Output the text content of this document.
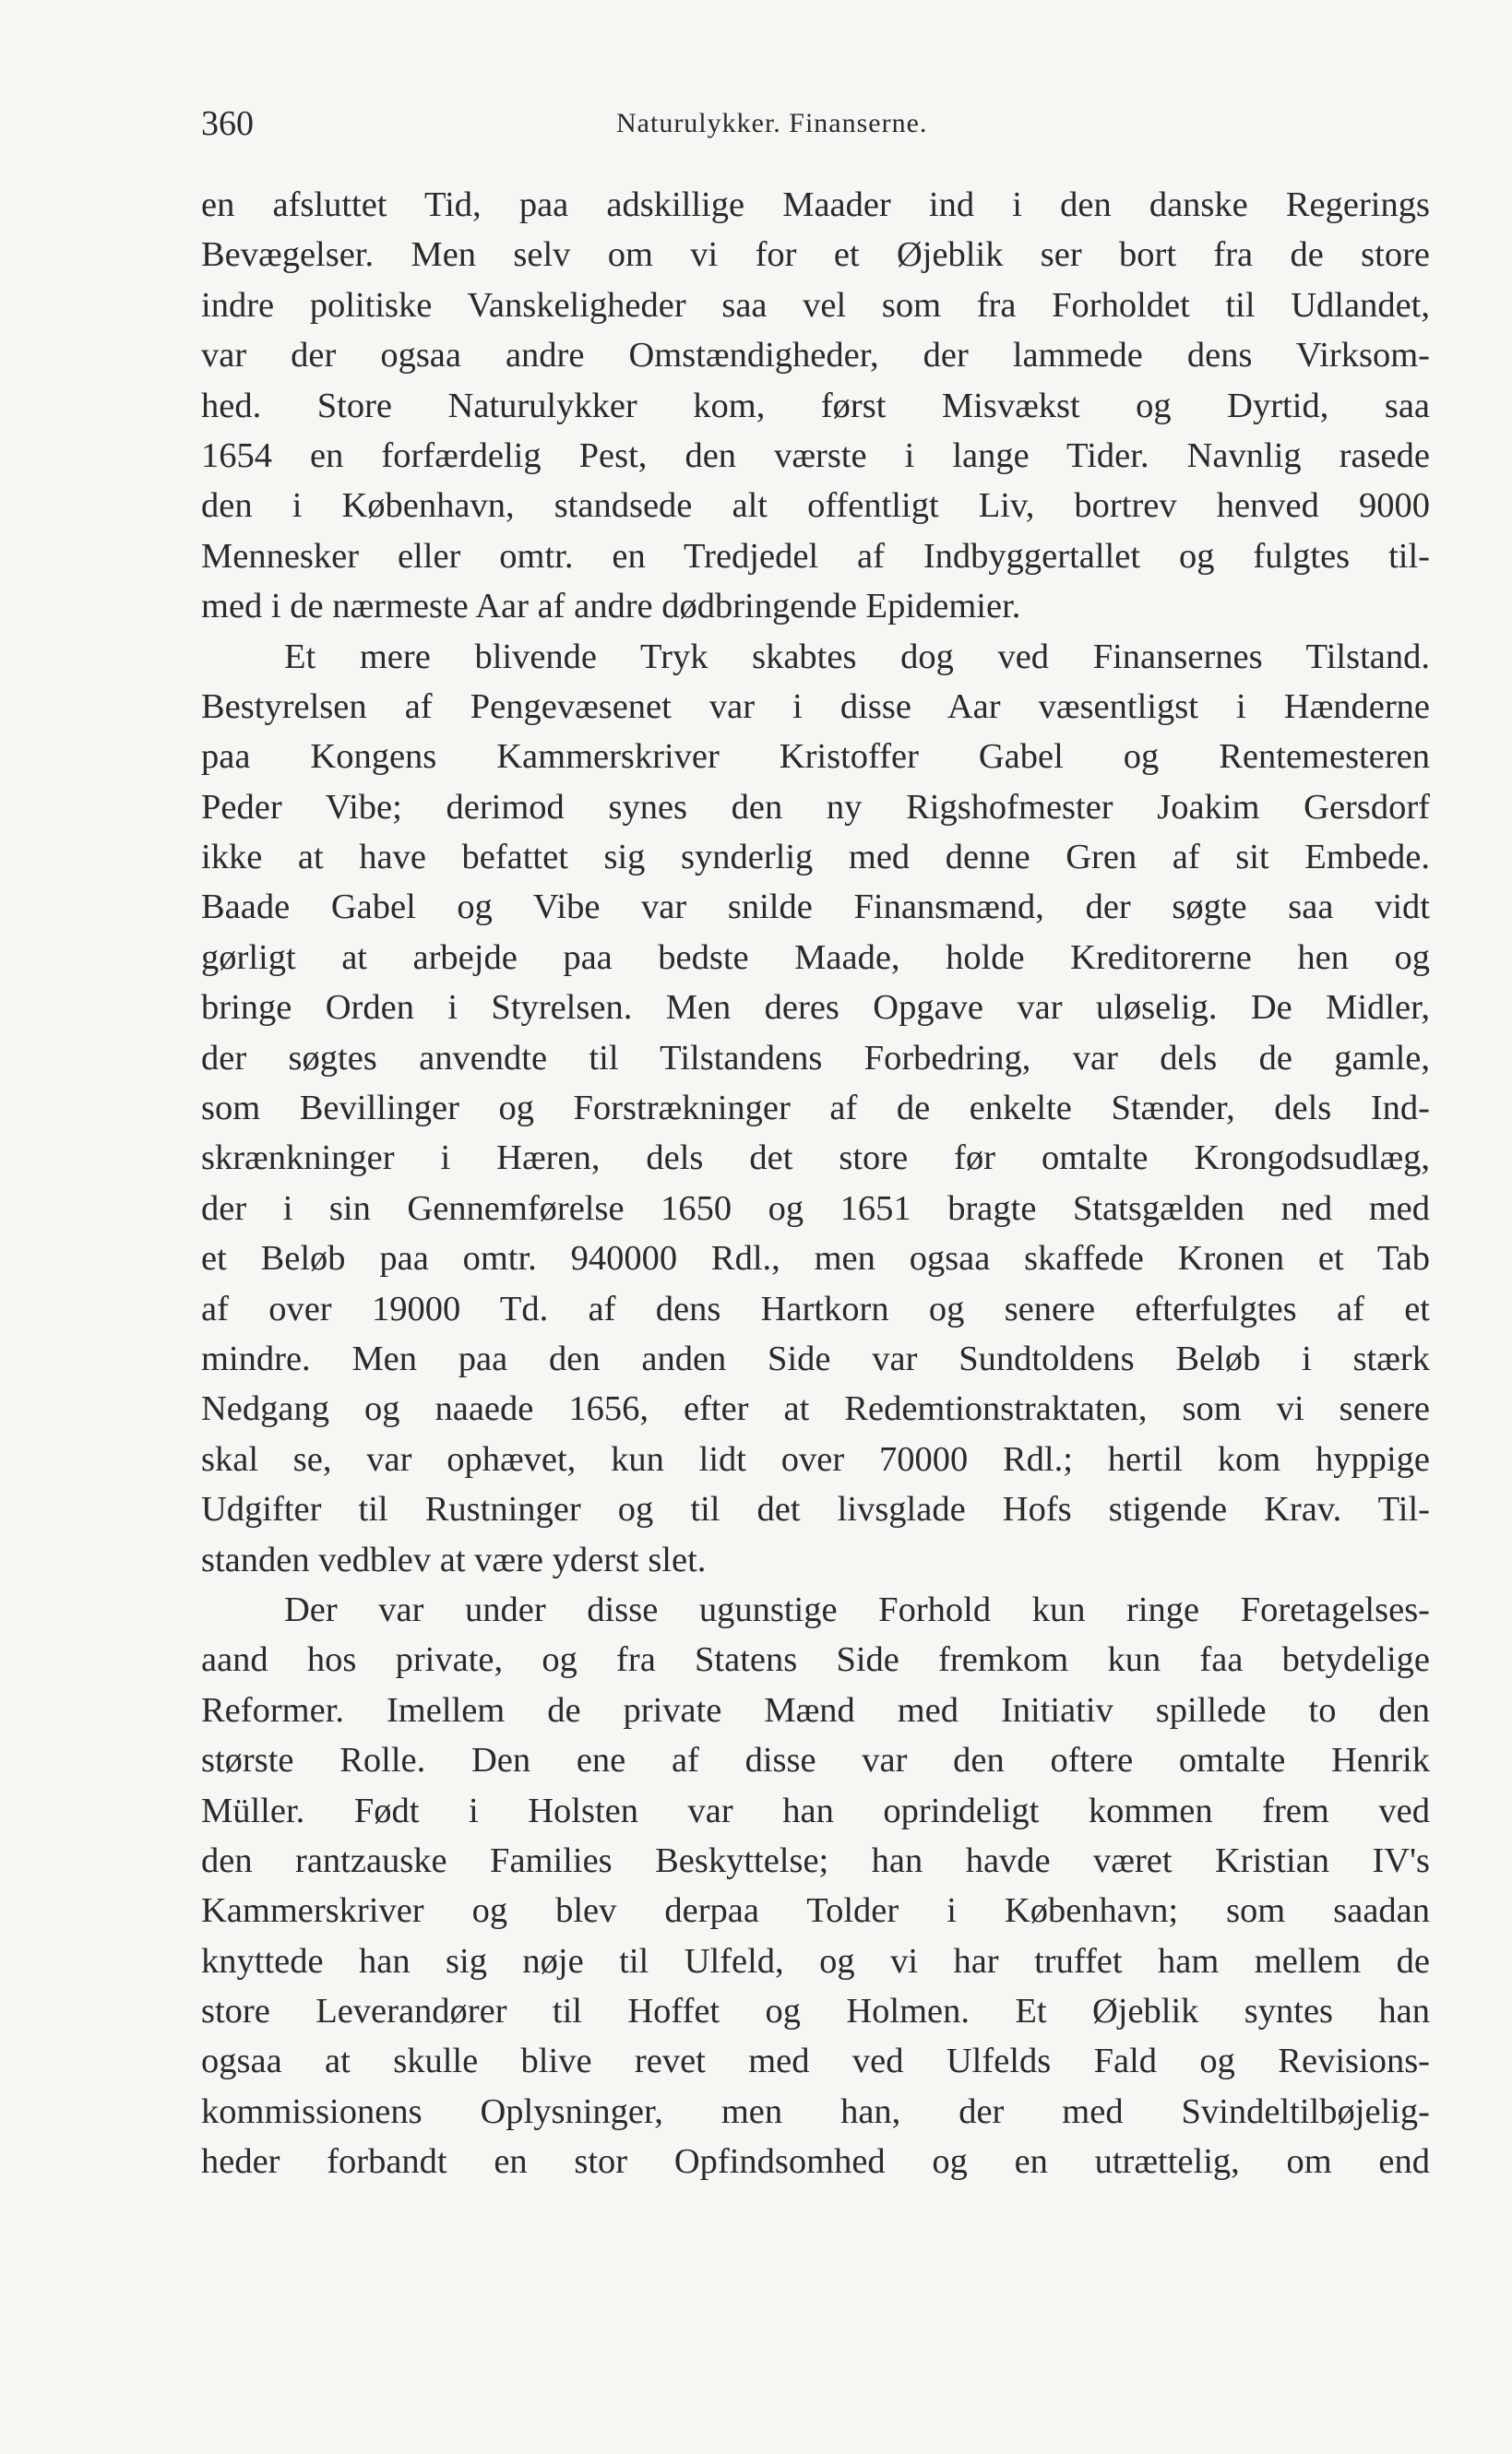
360	Naturulykker. Finanserne.
en afsluttet Tid, paa adskillige Maader ind i den danske Regerings
Bevægelser. Men selv om vi for et Øjeblik ser bort fra de store
indre politiske Vanskeligheder saa vel som fra Forholdet til Udlandet,
var der ogsaa andre Omstændigheder, der lammede dens Virksom-
hed. Store Naturulykker kom, først Misvækst og Dyrtid, saa
1654 en forfærdelig Pest, den værste i lange Tider. Navnlig rasede
den i København, standsede alt offentligt Liv, bortrev henved 9000
Mennesker eller omtr. en Tredjedel af Indbyggertallet og fulgtes til-
med i de nærmeste Aar af andre dødbringende Epidemier.
Et mere blivende Tryk skabtes dog ved Finansernes Tilstand.
Bestyrelsen af Pengevæsenet var i disse Aar væsentligst i Hænderne
paa Kongens Kammerskriver Kristoffer Gabel og Rentemesteren
Peder Vibe; derimod synes den ny Rigshofmester Joakim Gersdorf
ikke at have befattet sig synderlig med denne Gren af sit Embede.
Baade Gabel og Vibe var snilde Finansmænd, der søgte saa vidt
gørligt at arbejde paa bedste Maade, holde Kreditorerne hen og
bringe Orden i Styrelsen. Men deres Opgave var uløselig. De Midler,
der søgtes anvendte til Tilstandens Forbedring, var dels de gamle,
som Bevillinger og Forstrækninger af de enkelte Stænder, dels Ind-
skrænkninger i Hæren, dels det store før omtalte Krongodsudlæg,
der i sin Gennemførelse 1650 og 1651 bragte Statsgælden ned med
et Beløb paa omtr. 940000 Rdl., men ogsaa skaffede Kronen et Tab
af over 19000 Td. af dens Hartkorn og senere efterfulgtes af et
mindre. Men paa den anden Side var Sundtoldens Beløb i stærk
Nedgang og naaede 1656, efter at Redemtionstraktaten, som vi senere
skal se, var ophævet, kun lidt over 70000 Rdl.; hertil kom hyppige
Udgifter til Rustninger og til det livsglade Hofs stigende Krav. Til-
standen vedblev at være yderst slet.
Der var under disse ugunstige Forhold kun ringe Foretagelses-
aand hos private, og fra Statens Side fremkom kun faa betydelige
Reformer. Imellem de private Mænd med Initiativ spillede to den
største Rolle. Den ene af disse var den oftere omtalte Henrik
Müller. Født i Holsten var han oprindeligt kommen frem ved
den rantzauske Families Beskyttelse; han havde været Kristian IV's
Kammerskriver og blev derpaa Tolder i København; som saadan
knyttede han sig nøje til Ulfeld, og vi har truffet ham mellem de
store Leverandører til Hoffet og Holmen. Et Øjeblik syntes han
ogsaa at skulle blive revet med ved Ulfelds Fald og Revisions-
kommissionens Oplysninger, men han, der med Svindeltilbøjelig-
heder forbandt en stor Opfindsomhed og en utrættelig, om end
